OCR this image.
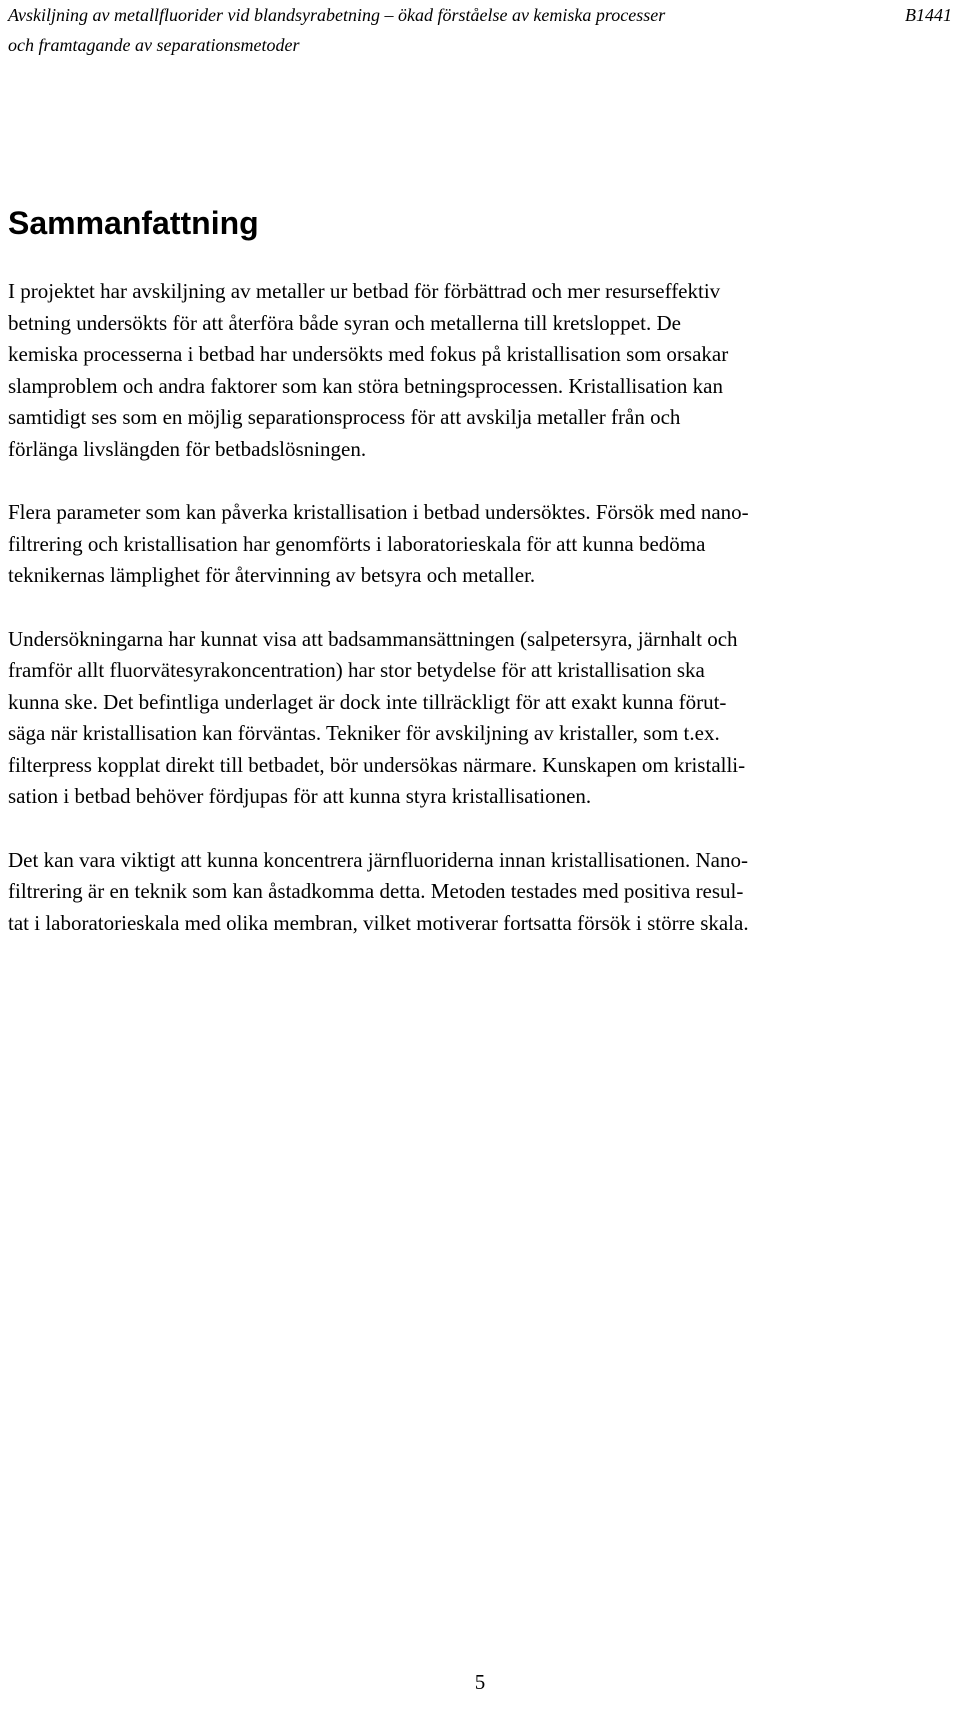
Avskiljning av metallfluorider vid blandsyrabetning – ökad förståelse av kemiska processer	B1441
och framtagande av separationsmetoder
Sammanfattning

I projektet har avskiljning av metaller ur betbad för förbättrad och mer resurseffektiv
betning undersökts för att återföra både syran och metallerna till kretsloppet. De
kemiska processerna i betbad har undersökts med fokus på kristallisation som orsakar
slamproblem och andra faktorer som kan störa betningsprocessen. Kristallisation kan
samtidigt ses som en möjlig separationsprocess för att avskilja metaller från och
förlänga livslängden för betbadslösningen.

Flera parameter som kan påverka kristallisation i betbad undersöktes. Försök med nano-
filtrering och kristallisation har genomförts i laboratorieskala för att kunna bedöma
teknikernas lämplighet för återvinning av betsyra och metaller.

Undersökningarna har kunnat visa att badsammansättningen (salpetersyra, järnhalt och
framför allt fluorvätesyrakoncentration) har stor betydelse för att kristallisation ska
kunna ske. Det befintliga underlaget är dock inte tillräckligt för att exakt kunna förut-
säga när kristallisation kan förväntas. Tekniker för avskiljning av kristaller, som t.ex.
filterpress kopplat direkt till betbadet, bör undersökas närmare. Kunskapen om kristalli-
sation i betbad behöver fördjupas för att kunna styra kristallisationen.

Det kan vara viktigt att kunna koncentrera järnfluoriderna innan kristallisationen. Nano-
filtrering är en teknik som kan åstadkomma detta. Metoden testades med positiva resul-
tat i laboratorieskala med olika membran, vilket motiverar fortsatta försök i större skala.

5
